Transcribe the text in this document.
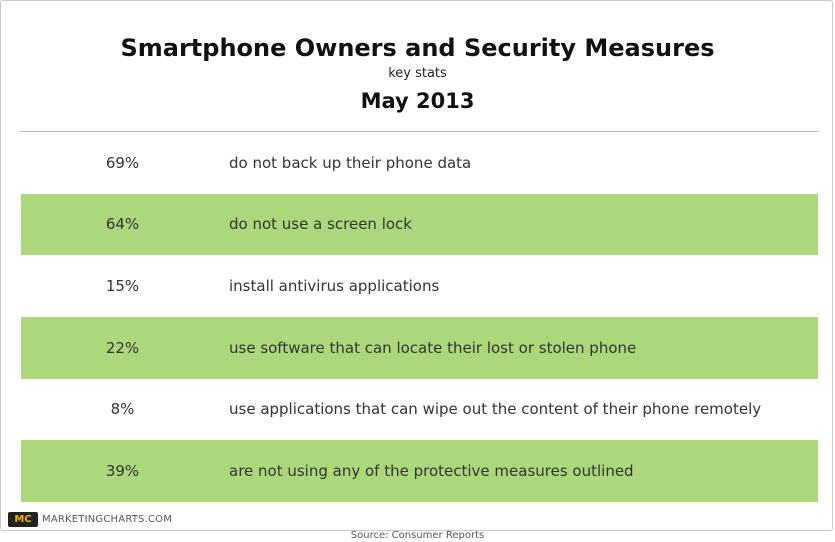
Smartphone Owners and Security Measures
key stats
May 2013
69%	do not back up their phone data
64%	do not use a screen lock
15%	install antivirus applications
22%	use software that can locate their lost or stolen phone
8%	use applications that can wipe out the content of their phone remotely
39%	are not using any of the protective measures outlined
MC	MARKETINGCHARTS.COM
Source: Consumer Reports
